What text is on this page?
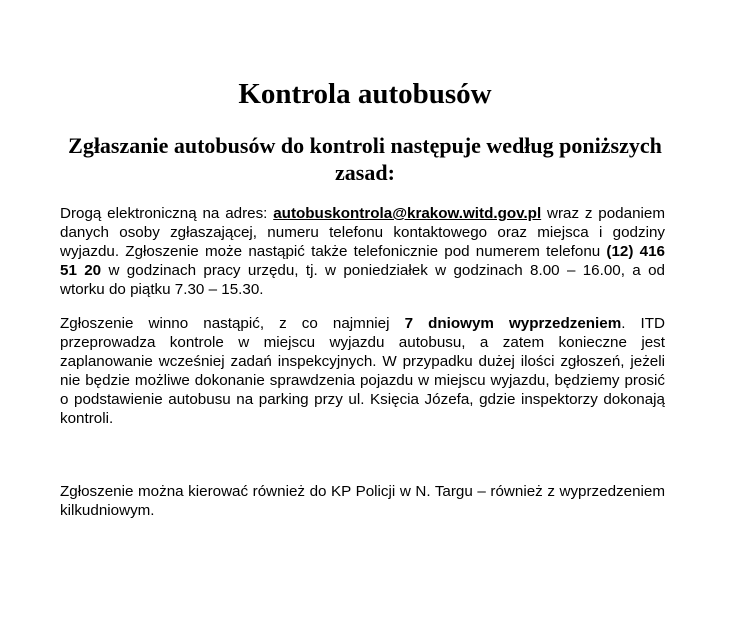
Kontrola autobusów
Zgłaszanie autobusów do kontroli następuje według poniższych zasad:

Drogą elektroniczną na adres: autobuskontrola@krakow.witd.gov.pl wraz z podaniem danych osoby zgłaszającej, numeru telefonu kontaktowego oraz miejsca i godziny wyjazdu. Zgłoszenie może nastąpić także telefonicznie pod numerem telefonu (12) 416 51 20 w godzinach pracy urzędu, tj. w poniedziałek w godzinach 8.00 – 16.00, a od wtorku do piątku 7.30 – 15.30.

Zgłoszenie winno nastąpić, z co najmniej 7 dniowym wyprzedzeniem. ITD przeprowadza kontrole w miejscu wyjazdu autobusu, a zatem konieczne jest zaplanowanie wcześniej zadań inspekcyjnych. W przypadku dużej ilości zgłoszeń, jeżeli nie będzie możliwe dokonanie sprawdzenia pojazdu w miejscu wyjazdu, będziemy prosić o podstawienie autobusu na parking przy ul. Księcia Józefa, gdzie inspektorzy dokonają kontroli.

Zgłoszenie można kierować również do KP Policji w N. Targu – również z wyprzedzeniem kilkudniowym.
